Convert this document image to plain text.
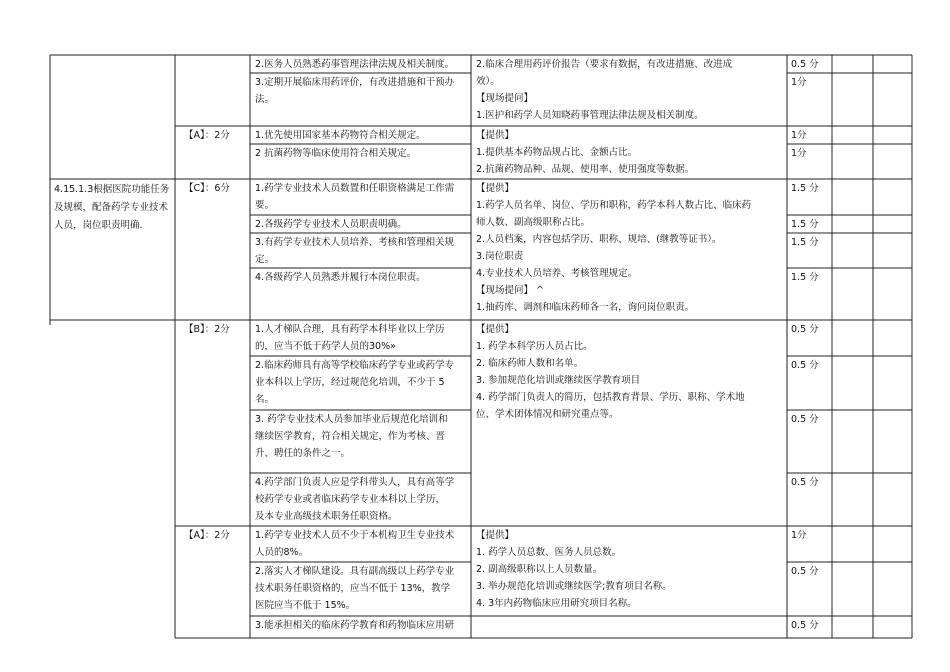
4.15.1.3根据医院功能任务及规模，配备药学专业技术人员，岗位职责明确.
【A】：2分
【C】：6分
【B】：2分
【A】：2分
2.医务人员熟悉药事管理法律法规及相关制度。
3.定期开展临床用药评价，有改进措施和干预办
法。
1.优先使用国家基本药物符合相关规定。
2 抗菌药物等临床使用符合相关规定。
1.药学专业技术人员数置和任职资格满足工作需
要。
2.各级药学专业技术人员职责明确。
3.有药学专业技术人员培养、考核和管理相关规
定。
4.各级药学人员熟悉并履行本岗位职责。
1.人才梯队合理，具有药学本科毕业以上学历
的，应当不低于药学人员的30%»
2.临床药师具有高等学校临床药学专业或药学专
业本科以上学历，经过规范化培训，不少于 5
名。
3. 药学专业技术人员参加毕业后规范化培训和
继续医学教育，符合相关规定，作为考核、晋
升、聘任的条件之一。
4.药学部门负责人应是学科带头人，具有高等学
校药学专业或者临床药学专业本科以上学历，
及本专业高级技术职务任职资格。
1.药学专业技术人员不少于本机构卫生专业技术
人员的8%。
2.落实人才梯队建设。具有副高级以上药学专业
技术职务任职资格的，应当不低于 13%，教学
医院应当不低于 15%。
3.能承担相关的临床药学教育和药物临床应用研
2.临床合理用药评价报告（要求有数据，有改进措施、改进成
效）。
【现场提问】
1.医护和药学人员知晓药事管理法律法规及相关制度。
【提供】
1.提供基本药物品规占比、金额占比。
2.抗菌药物品种、品规、使用率、使用强度等数据。
【提供】
1.药学人员名单、岗位、学历和职称，药学本科人数占比、临床药
师人数、副高级职称占比。
2.人员档案，内容包括学历、职称、规培、(继教等证书）。
3.岗位职责
4.专业技术人员培养、考核管理规定。
【现场提问】 ^
1.抽药库、调剂和临床药师各一名，询问岗位职责。
【提供】
1. 药学本科学历人员占比。
2. 临床药师人数和名单。
3. 参加规范化培训或继续医学教育项目
4. 药学部门负责人的简历，包括教育背景、学历、职称、学术地
位、学术团体情况和研究重点等。
【提供】
1. 药学人员总数、医务人员总数。
2. 副高级职称以上人员数量。
3. 举办规范化培训或继续医学;教育项目名称。
4. 3年内药物临床应用研究项目名称。
0.5 分
1分
1分
1分
1.5 分
1.5 分
1.5 分
1.5 分
0.5 分
0.5 分
0.5 分
0.5 分
1分
0.5 分
0.5 分
